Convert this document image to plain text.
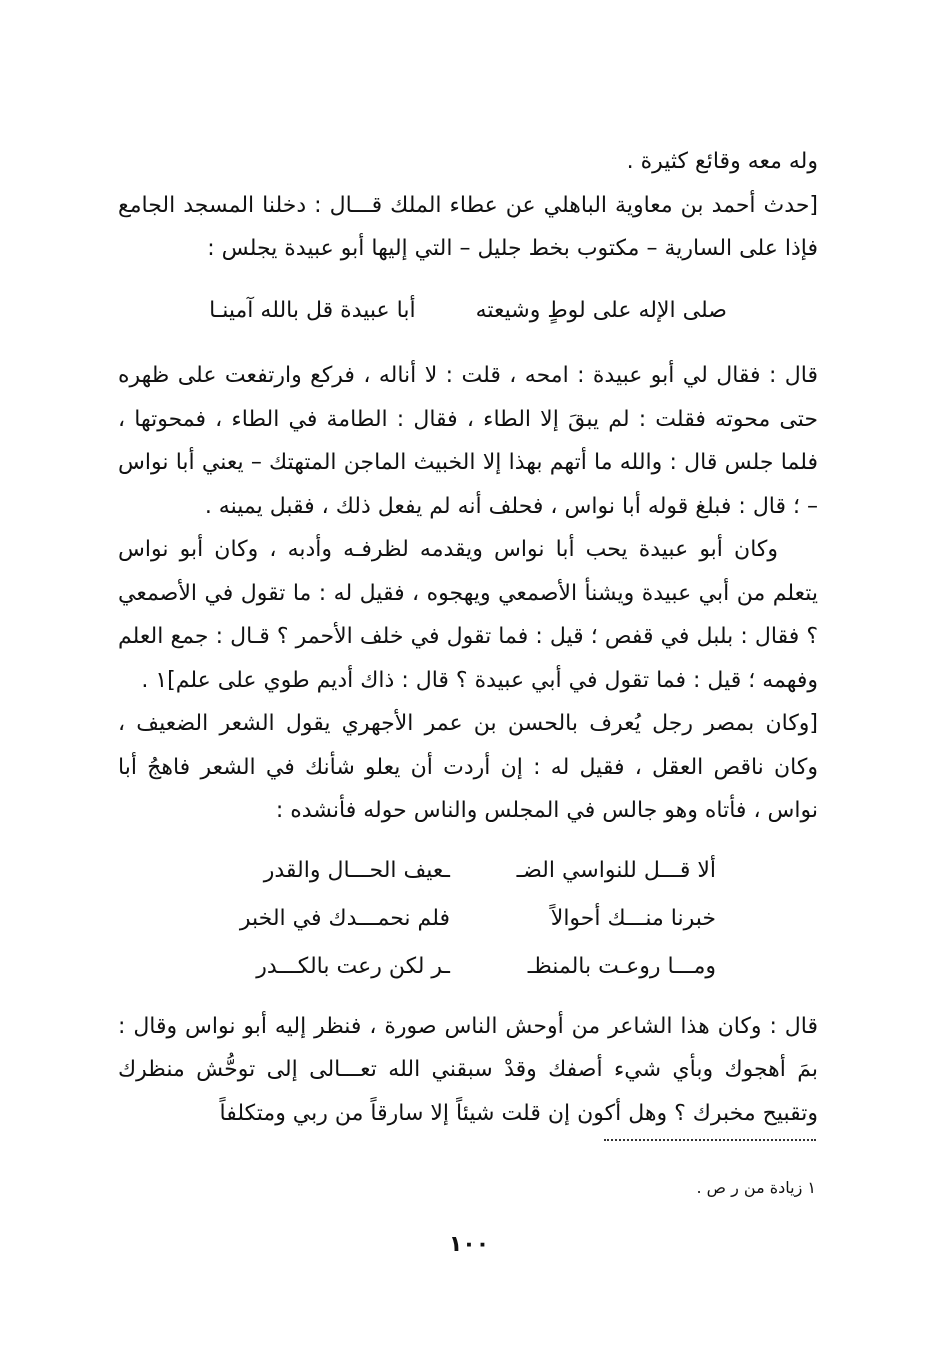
وله معه وقائع كثيرة .

[حدث أحمد بن معاوية الباهلي عن عطاء الملك قـــال : دخلنا المسجد الجامع فإذا على السارية – مكتوب بخط جليل – التي إليها أبو عبيدة يجلس :

صلى الإله على لوطٍ وشيعته
أبا عبيدة قل بالله آمينـا

قال : فقال لي أبو عبيدة : امحه ، قلت : لا أناله ، فركع وارتفعت على ظهره حتى محوته فقلت : لم يبقَ إلا الطاء ، فقال : الطامة في الطاء ، فمحوتها ، فلما جلس قال : والله ما أتهم بهذا إلا الخبيث الماجن المتهتك – يعني أبا نواس – ؛ قال : فبلغ قوله أبا نواس ، فحلف أنه لم يفعل ذلك ، فقبل يمينه .

وكان أبو عبيدة يحب أبا نواس ويقدمه لظرفـه وأدبه ، وكان أبو نواس يتعلم من أبي عبيدة ويشنأ الأصمعي ويهجوه ، فقيل له : ما تقول في الأصمعي ؟ فقال : بلبل في قفص ؛ قيل : فما تقول في خلف الأحمر ؟ قـال : جمع العلم وفهمه ؛ قيل : فما تقول في أبي عبيدة ؟ قال : ذاك أديم طوي على علم]١ .

[وكان بمصر رجل يُعرف بالحسن بن عمر الأجهري يقول الشعر الضعيف ، وكان ناقص العقل ، فقيل له : إن أردت أن يعلو شأنك في الشعر فاهجُ أبا نواس ، فأتاه وهو جالس في المجلس والناس حوله فأنشده :

ألا قـــل للنواسي الضـ
ـعيف الحـــال والقدر
خبرنا منـــك أحوالاً
فلم نحمـــدك في الخبر
ومـــا روعـت بالمنظـ
ـر لكن رعت بالكـــدر

قال : وكان هذا الشاعر من أوحش الناس صورة ، فنظر إليه أبو نواس وقال : بمَ أهجوك وبأي شيء أصفك وقدْ سبقني الله تعـــالى إلى توحُّش منظرك وتقبيح مخبرك ؟ وهل أكون إن قلت شيئاً إلا سارقاً من ربي ومتكلفاً

١ زيادة من ر ص .
١٠٠
